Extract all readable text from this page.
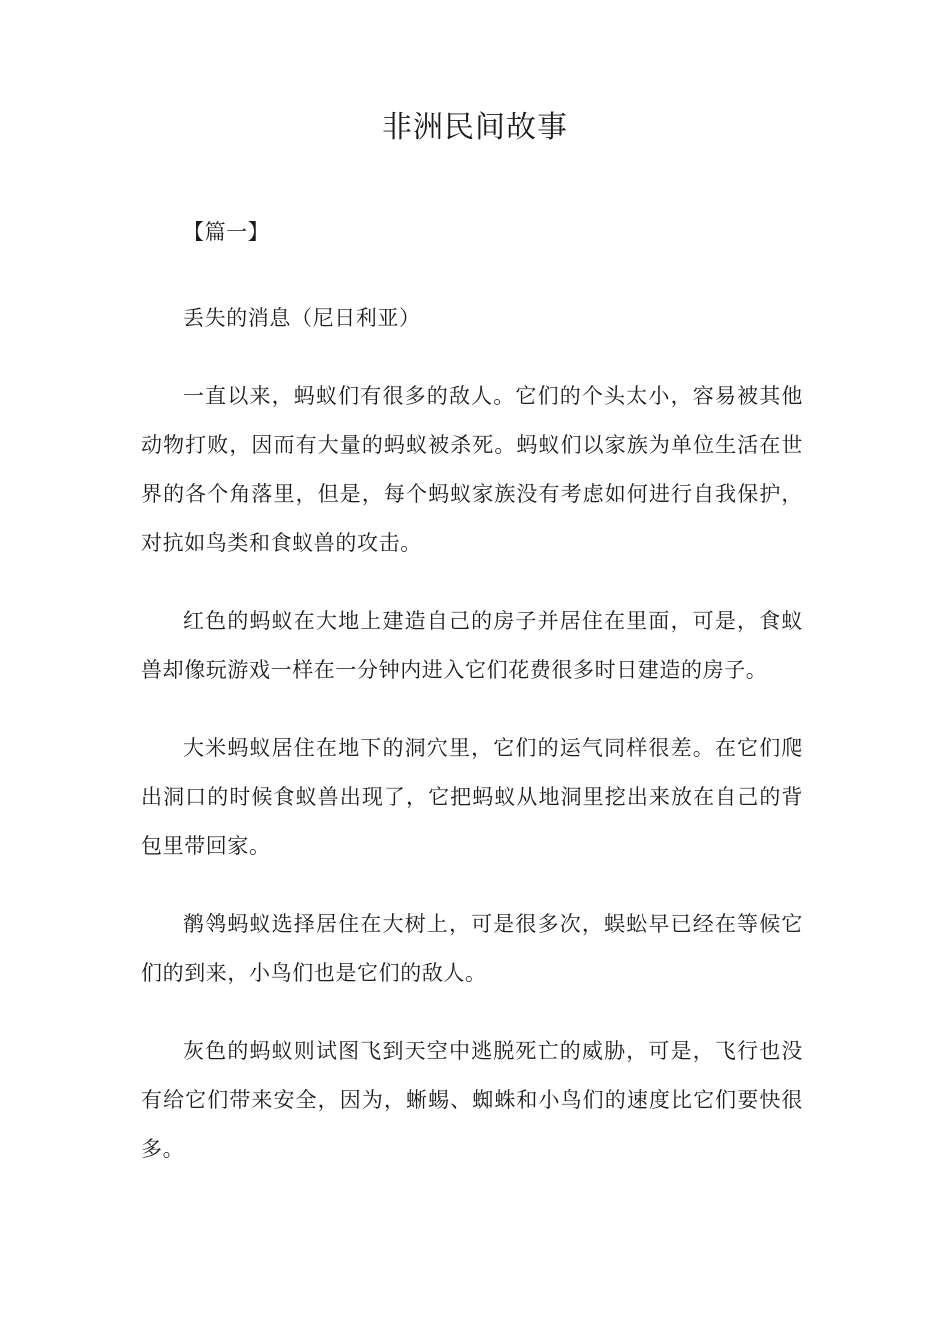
非洲民间故事

【篇一】

丢失的消息（尼日利亚）

一直以来，蚂蚁们有很多的敌人。它们的个头太小，容易被其他动物打败，因而有大量的蚂蚁被杀死。蚂蚁们以家族为单位生活在世界的各个角落里，但是，每个蚂蚁家族没有考虑如何进行自我保护，对抗如鸟类和食蚁兽的攻击。

红色的蚂蚁在大地上建造自己的房子并居住在里面，可是，食蚁兽却像玩游戏一样在一分钟内进入它们花费很多时日建造的房子。

大米蚂蚁居住在地下的洞穴里，它们的运气同样很差。在它们爬出洞口的时候食蚁兽出现了，它把蚂蚁从地洞里挖出来放在自己的背包里带回家。

鹡鸰蚂蚁选择居住在大树上，可是很多次，蜈蚣早已经在等候它们的到来，小鸟们也是它们的敌人。

灰色的蚂蚁则试图飞到天空中逃脱死亡的威胁，可是，飞行也没有给它们带来安全，因为，蜥蜴、蜘蛛和小鸟们的速度比它们要快很多。
